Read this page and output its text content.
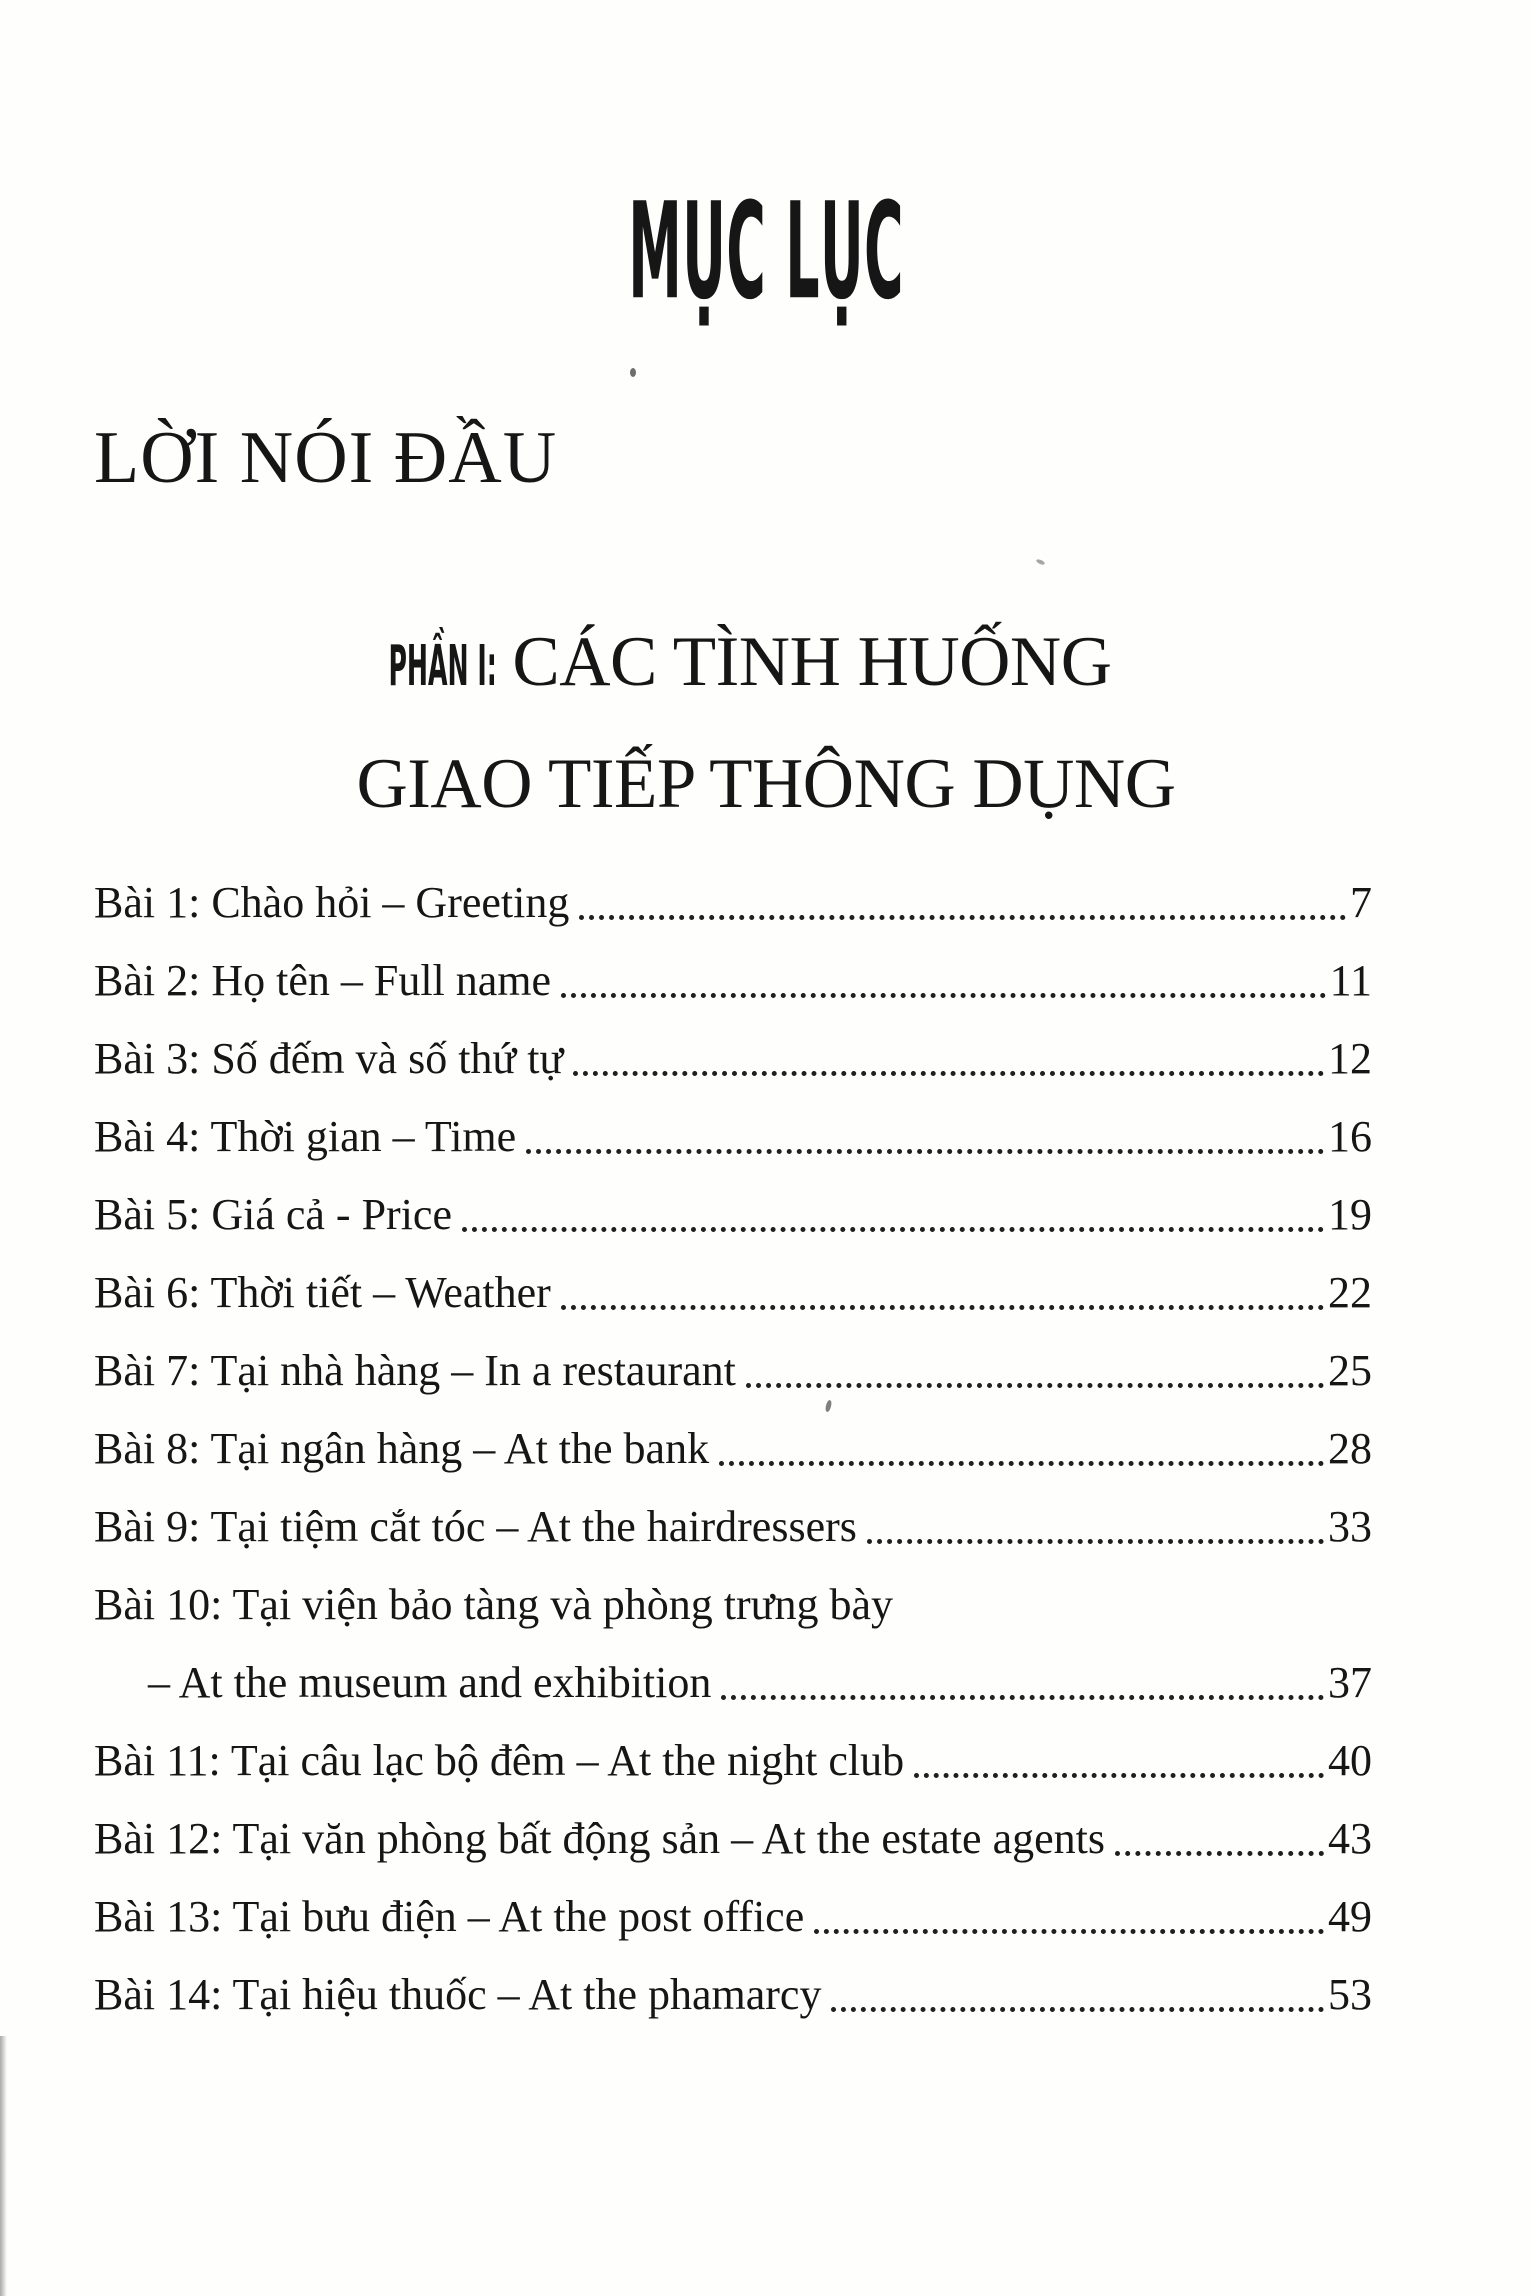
MỤC LỤC
LỜI NÓI ĐẦU
PHẦN I: CÁC TÌNH HUỐNG
GIAO TIẾP THÔNG DỤNG
Bài 1: Chào hỏi – Greeting	7
Bài 2: Họ tên – Full name	11
Bài 3: Số đếm và số thứ tự	12
Bài 4: Thời gian – Time	16
Bài 5: Giá cả - Price	19
Bài 6: Thời tiết – Weather	22
Bài 7: Tại nhà hàng – In a restaurant	25
Bài 8: Tại ngân hàng – At the bank	28
Bài 9: Tại tiệm cắt tóc – At the hairdressers	33
Bài 10: Tại viện bảo tàng và phòng trưng bày
– At the museum and exhibition	37
Bài 11: Tại câu lạc bộ đêm – At the night club	40
Bài 12: Tại văn phòng bất động sản – At the estate agents	43
Bài 13: Tại bưu điện – At the post office	49
Bài 14: Tại hiệu thuốc – At the phamarcy	53
